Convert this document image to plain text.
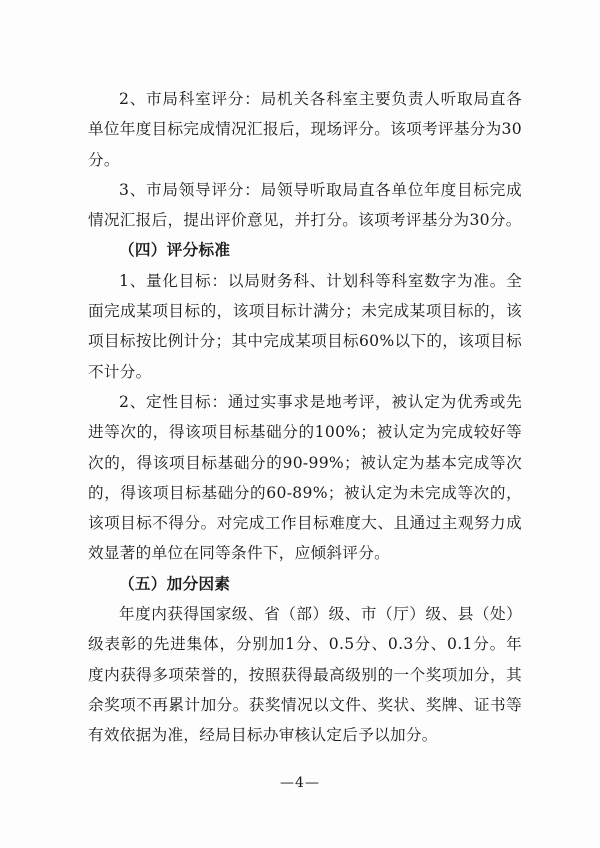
2、市局科室评分：局机关各科室主要负责人听取局直各单位年度目标完成情况汇报后，现场评分。该项考评基分为30分。

3、市局领导评分：局领导听取局直各单位年度目标完成情况汇报后，提出评价意见，并打分。该项考评基分为30分。

（四）评分标准

1、量化目标：以局财务科、计划科等科室数字为准。全面完成某项目标的，该项目标计满分；未完成某项目标的，该项目标按比例计分；其中完成某项目标60%以下的，该项目标不计分。

2、定性目标：通过实事求是地考评，被认定为优秀或先进等次的，得该项目标基础分的100%；被认定为完成较好等次的，得该项目标基础分的90-99%；被认定为基本完成等次的，得该项目标基础分的60-89%；被认定为未完成等次的，该项目标不得分。对完成工作目标难度大、且通过主观努力成效显著的单位在同等条件下，应倾斜评分。

（五）加分因素

年度内获得国家级、省（部）级、市（厅）级、县（处）级表彰的先进集体，分别加1分、0.5分、0.3分、0.1分。年度内获得多项荣誉的，按照获得最高级别的一个奖项加分，其余奖项不再累计加分。获奖情况以文件、奖状、奖牌、证书等有效依据为准，经局目标办审核认定后予以加分。

—4—
